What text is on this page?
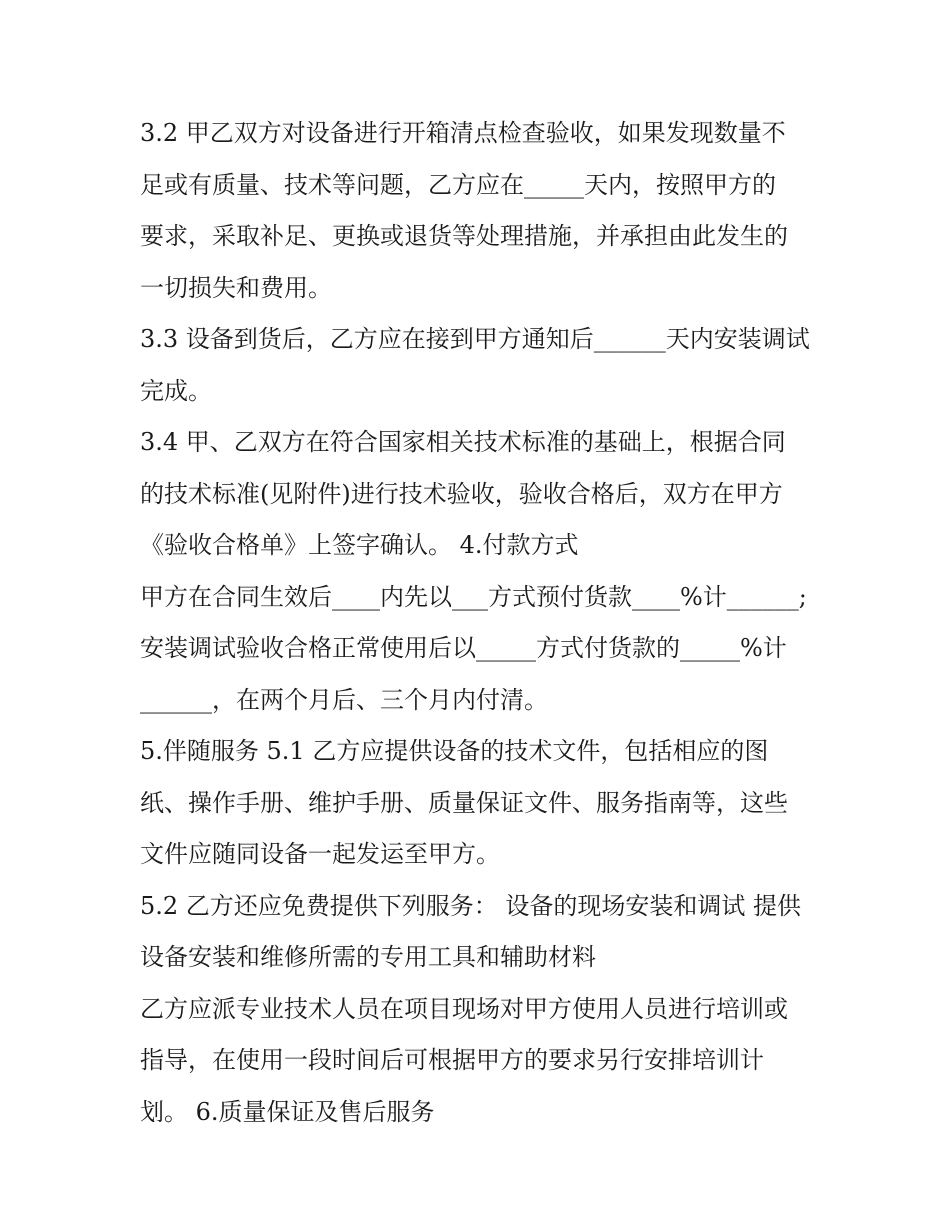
3.2 甲乙双方对设备进行开箱清点检查验收，如果发现数量不
足或有质量、技术等问题，乙方应在_____天内，按照甲方的
要求，采取补足、更换或退货等处理措施，并承担由此发生的
一切损失和费用。
3.3 设备到货后，乙方应在接到甲方通知后______天内安装调试
完成。
3.4 甲、乙双方在符合国家相关技术标准的基础上，根据合同
的技术标准(见附件)进行技术验收，验收合格后，双方在甲方
《验收合格单》上签字确认。 4.付款方式
甲方在合同生效后____内先以___方式预付货款____%计______;
安装调试验收合格正常使用后以_____方式付货款的_____%计
______，在两个月后、三个月内付清。
5.伴随服务 5.1 乙方应提供设备的技术文件，包括相应的图
纸、操作手册、维护手册、质量保证文件、服务指南等，这些
文件应随同设备一起发运至甲方。
5.2 乙方还应免费提供下列服务： 设备的现场安装和调试 提供
设备安装和维修所需的专用工具和辅助材料
乙方应派专业技术人员在项目现场对甲方使用人员进行培训或
指导，在使用一段时间后可根据甲方的要求另行安排培训计
划。 6.质量保证及售后服务
